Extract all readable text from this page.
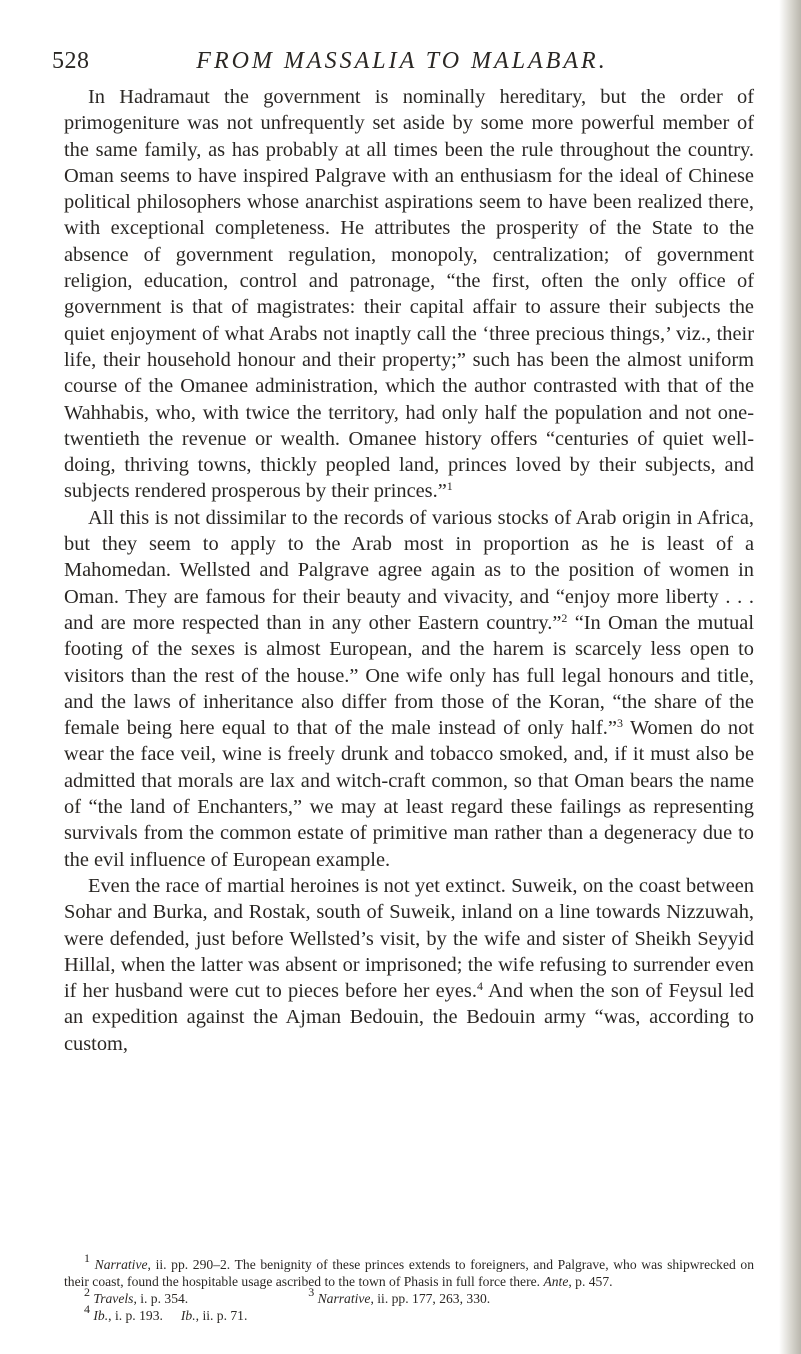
528	FROM MASSALIA TO MALABAR.

In Hadramaut the government is nominally hereditary, but the order of primogeniture was not unfrequently set aside by some more powerful member of the same family, as has probably at all times been the rule throughout the country. Oman seems to have inspired Palgrave with an enthusiasm for the ideal of Chinese political philosophers whose anarchist aspirations seem to have been realized there, with exceptional completeness. He attributes the prosperity of the State to the absence of government regulation, monopoly, centralization; of government religion, education, control and patronage, “the first, often the only office of government is that of magistrates: their capital affair to assure their subjects the quiet enjoyment of what Arabs not inaptly call the ‘three precious things,’ viz., their life, their household honour and their property;” such has been the almost uniform course of the Omanee administration, which the author contrasted with that of the Wahhabis, who, with twice the territory, had only half the population and not one-twentieth the revenue or wealth. Omanee history offers “centuries of quiet well-doing, thriving towns, thickly peopled land, princes loved by their subjects, and subjects rendered prosperous by their princes.”$^1$

All this is not dissimilar to the records of various stocks of Arab origin in Africa, but they seem to apply to the Arab most in proportion as he is least of a Mahomedan. Wellsted and Palgrave agree again as to the position of women in Oman. They are famous for their beauty and vivacity, and “enjoy more liberty . . . and are more respected than in any other Eastern country.”$^2$ “In Oman the mutual footing of the sexes is almost European, and the harem is scarcely less open to visitors than the rest of the house.” One wife only has full legal honours and title, and the laws of inheritance also differ from those of the Koran, “the share of the female being here equal to that of the male instead of only half.”$^3$ Women do not wear the face veil, wine is freely drunk and tobacco smoked, and, if it must also be admitted that morals are lax and witch-craft common, so that Oman bears the name of “the land of Enchanters,” we may at least regard these failings as representing survivals from the common estate of primitive man rather than a degeneracy due to the evil influence of European example.

Even the race of martial heroines is not yet extinct. Suweik, on the coast between Sohar and Burka, and Rostak, south of Suweik, inland on a line towards Nizzuwah, were defended, just before Wellsted’s visit, by the wife and sister of Sheikh Seyyid Hillal, when the latter was absent or imprisoned; the wife refusing to surrender even if her husband were cut to pieces before her eyes.$^4$ And when the son of Feysul led an expedition against the Ajman Bedouin, the Bedouin army “was, according to custom,

$^1$ Narrative, ii. pp. 290–2. The benignity of these princes extends to foreigners, and Palgrave, who was shipwrecked on their coast, found the hospitable usage ascribed to the town of Phasis in full force there. Ante, p. 457.

$^2$ Travels, i. p. 354.	$^3$ Narrative, ii. pp. 177, 263, 330.

$^4$ Ib., i. p. 193. Ib., ii. p. 71.
